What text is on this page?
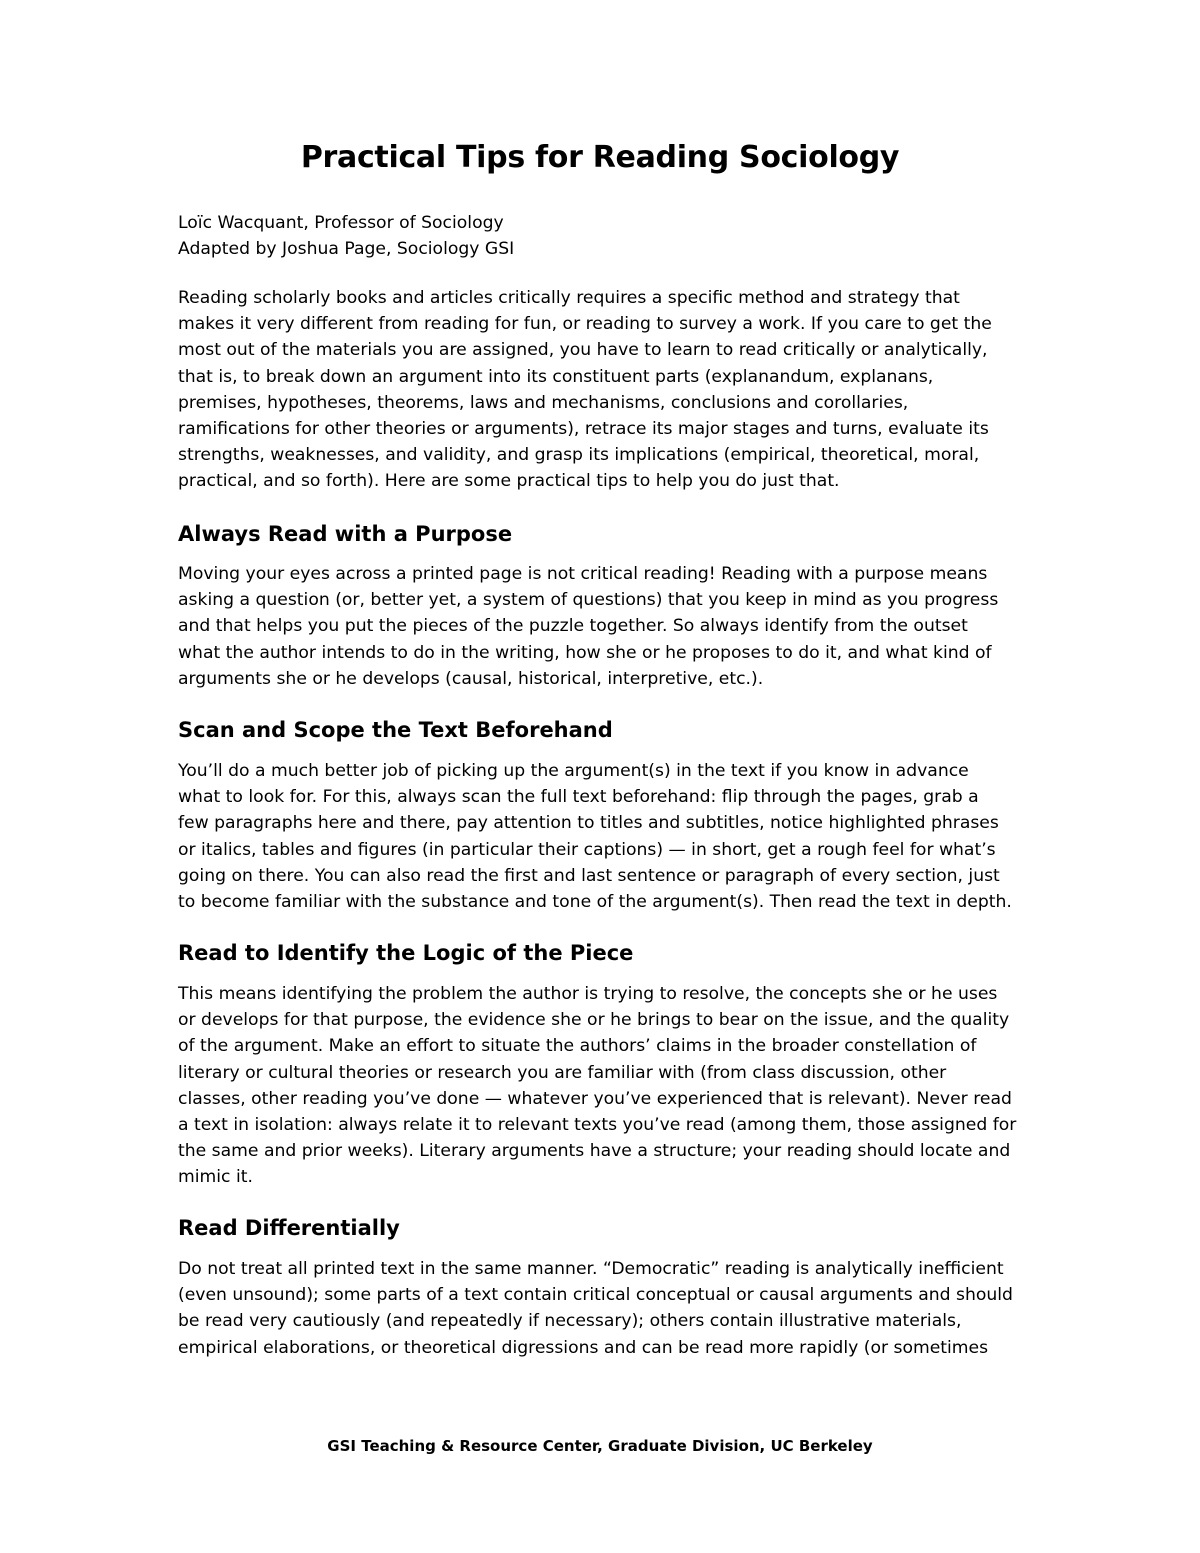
Practical Tips for Reading Sociology
Loïc Wacquant, Professor of Sociology
Adapted by Joshua Page, Sociology GSI

Reading scholarly books and articles critically requires a specific method and strategy that
makes it very different from reading for fun, or reading to survey a work. If you care to get the
most out of the materials you are assigned, you have to learn to read critically or analytically,
that is, to break down an argument into its constituent parts (explanandum, explanans,
premises, hypotheses, theorems, laws and mechanisms, conclusions and corollaries,
ramifications for other theories or arguments), retrace its major stages and turns, evaluate its
strengths, weaknesses, and validity, and grasp its implications (empirical, theoretical, moral,
practical, and so forth). Here are some practical tips to help you do just that.

Always Read with a Purpose

Moving your eyes across a printed page is not critical reading! Reading with a purpose means
asking a question (or, better yet, a system of questions) that you keep in mind as you progress
and that helps you put the pieces of the puzzle together. So always identify from the outset
what the author intends to do in the writing, how she or he proposes to do it, and what kind of
arguments she or he develops (causal, historical, interpretive, etc.).

Scan and Scope the Text Beforehand

You’ll do a much better job of picking up the argument(s) in the text if you know in advance
what to look for. For this, always scan the full text beforehand: flip through the pages, grab a
few paragraphs here and there, pay attention to titles and subtitles, notice highlighted phrases
or italics, tables and figures (in particular their captions) — in short, get a rough feel for what’s
going on there. You can also read the first and last sentence or paragraph of every section, just
to become familiar with the substance and tone of the argument(s). Then read the text in depth.

Read to Identify the Logic of the Piece

This means identifying the problem the author is trying to resolve, the concepts she or he uses
or develops for that purpose, the evidence she or he brings to bear on the issue, and the quality
of the argument. Make an effort to situate the authors’ claims in the broader constellation of
literary or cultural theories or research you are familiar with (from class discussion, other
classes, other reading you’ve done — whatever you’ve experienced that is relevant). Never read
a text in isolation: always relate it to relevant texts you’ve read (among them, those assigned for
the same and prior weeks). Literary arguments have a structure; your reading should locate and
mimic it.

Read Differentially

Do not treat all printed text in the same manner. “Democratic” reading is analytically inefficient
(even unsound); some parts of a text contain critical conceptual or causal arguments and should
be read very cautiously (and repeatedly if necessary); others contain illustrative materials,
empirical elaborations, or theoretical digressions and can be read more rapidly (or sometimes

GSI Teaching & Resource Center, Graduate Division, UC Berkeley
